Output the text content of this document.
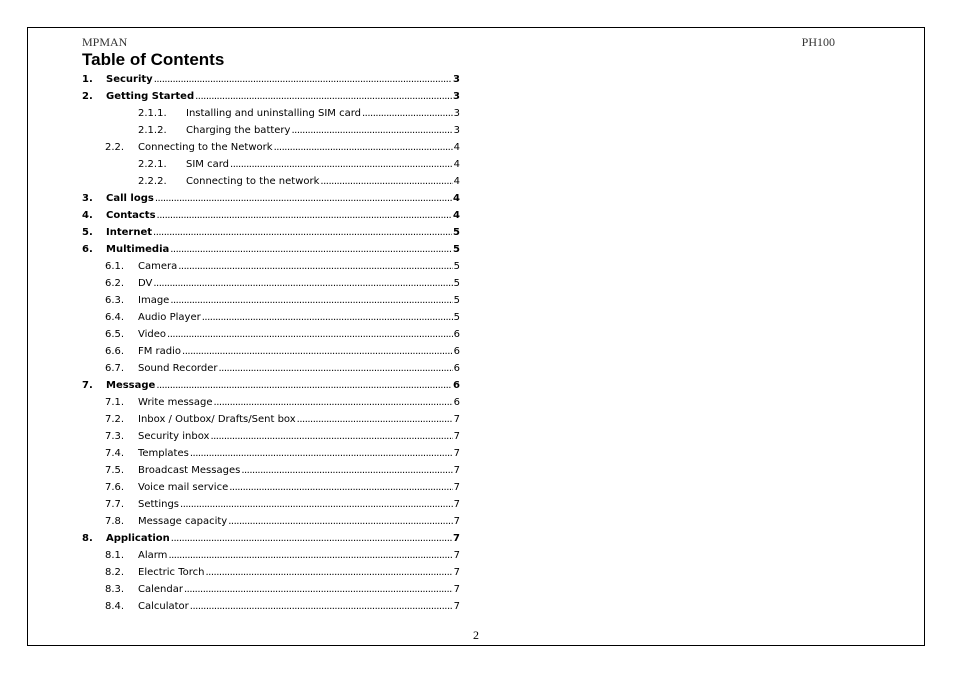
MPMAN	PH100
Table of Contents
1. Security .....	3
2. Getting Started .....	3
2.1.1. Installing and uninstalling SIM card .....	3
2.1.2. Charging the battery .....	3
2.2. Connecting to the Network .....	4
2.2.1. SIM card .....	4
2.2.2. Connecting to the network .....	4
3. Call logs .....	4
4. Contacts .....	4
5. Internet .....	5
6. Multimedia .....	5
6.1. Camera .....	5
6.2. DV .....	5
6.3. Image .....	5
6.4. Audio Player .....	5
6.5. Video .....	6
6.6. FM radio .....	6
6.7. Sound Recorder .....	6
7. Message .....	6
7.1. Write message .....	6
7.2. Inbox / Outbox/ Drafts/Sent box .....	7
7.3. Security inbox .....	7
7.4. Templates .....	7
7.5. Broadcast Messages .....	7
7.6. Voice mail service .....	7
7.7. Settings .....	7
7.8. Message capacity .....	7
8. Application .....	7
8.1. Alarm .....	7
8.2. Electric Torch .....	7
8.3. Calendar .....	7
8.4. Calculator .....	7
2
